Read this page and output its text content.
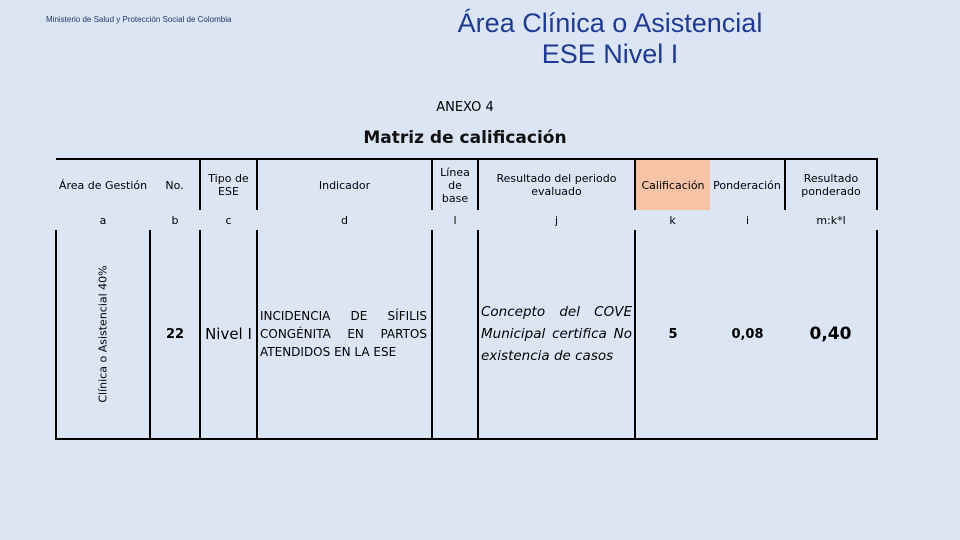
Ministerio de Salud y Protección Social de Colombia	Área Clínica o Asistencial
ESE Nivel I
ANEXO 4
Matriz de calificación
Área de Gestión	No.	Tipo de ESE	Indicador	Línea de base	Resultado del periodo evaluado	Calificación	Ponderación	Resultado ponderado
a	b	c	d	l	j	k	i	m:k*l

Clínica o Asistencial 40%	22	Nivel I	INCIDENCIA DE SÍFILIS CONGÉNITA EN PARTOS ATENDIDOS EN LA ESE		Concepto del COVE Municipal certifica No existencia de casos	5	0,08	0,40
